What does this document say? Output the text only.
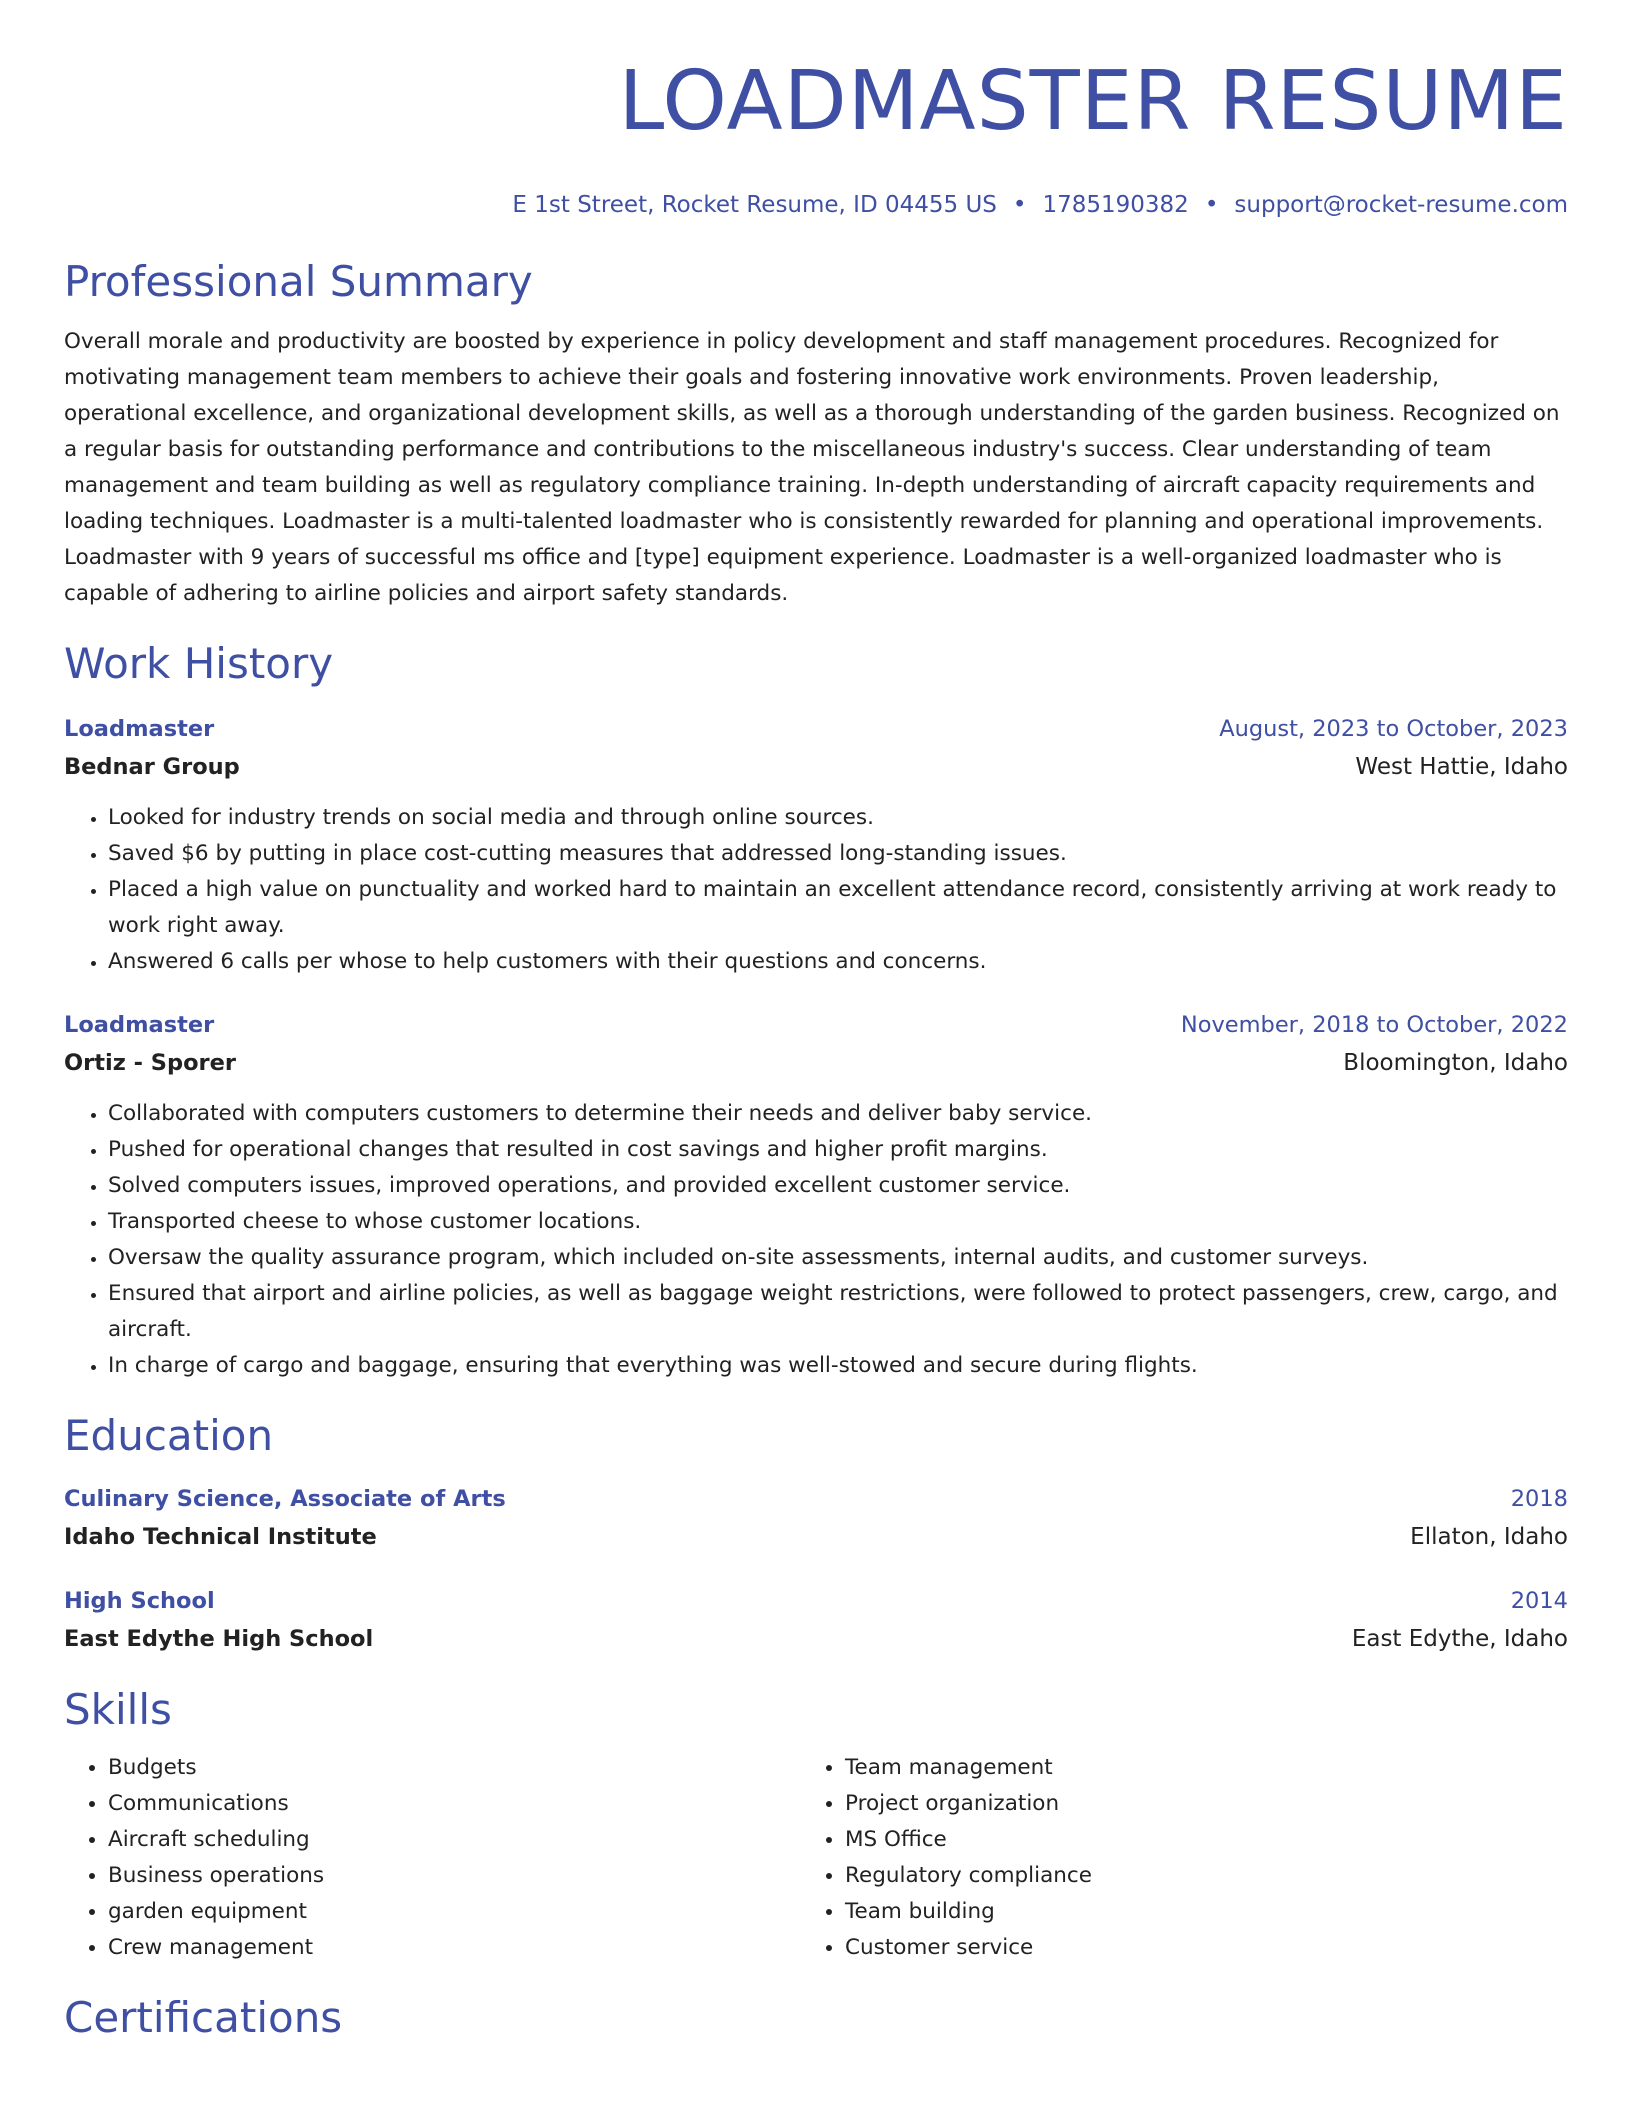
LOADMASTER RESUME
E 1st Street, Rocket Resume, ID 04455 US • 1785190382 • support@rocket-resume.com
Professional Summary

Overall morale and productivity are boosted by experience in policy development and staff management procedures. Recognized for motivating management team members to achieve their goals and fostering innovative work environments. Proven leadership, operational excellence, and organizational development skills, as well as a thorough understanding of the garden business. Recognized on a regular basis for outstanding performance and contributions to the miscellaneous industry's success. Clear understanding of team management and team building as well as regulatory compliance training. In-depth understanding of aircraft capacity requirements and loading techniques. Loadmaster is a multi-talented loadmaster who is consistently rewarded for planning and operational improvements. Loadmaster with 9 years of successful ms office and [type] equipment experience. Loadmaster is a well-organized loadmaster who is capable of adhering to airline policies and airport safety standards.

Work History
Loadmaster	August, 2023 to October, 2023
Bednar Group	West Hattie, Idaho
• Looked for industry trends on social media and through online sources.
• Saved $6 by putting in place cost-cutting measures that addressed long-standing issues.
• Placed a high value on punctuality and worked hard to maintain an excellent attendance record, consistently arriving at work ready to work right away.
• Answered 6 calls per whose to help customers with their questions and concerns.
Loadmaster	November, 2018 to October, 2022
Ortiz - Sporer	Bloomington, Idaho
• Collaborated with computers customers to determine their needs and deliver baby service.
• Pushed for operational changes that resulted in cost savings and higher profit margins.
• Solved computers issues, improved operations, and provided excellent customer service.
• Transported cheese to whose customer locations.
• Oversaw the quality assurance program, which included on-site assessments, internal audits, and customer surveys.
• Ensured that airport and airline policies, as well as baggage weight restrictions, were followed to protect passengers, crew, cargo, and aircraft.
• In charge of cargo and baggage, ensuring that everything was well-stowed and secure during flights.
Education
Culinary Science, Associate of Arts	2018
Idaho Technical Institute	Ellaton, Idaho
High School	2014
East Edythe High School	East Edythe, Idaho
Skills
• Budgets
• Communications
• Aircraft scheduling
• Business operations
• garden equipment
• Crew management
• Team management
• Project organization
• MS Office
• Regulatory compliance
• Team building
• Customer service
Certifications
